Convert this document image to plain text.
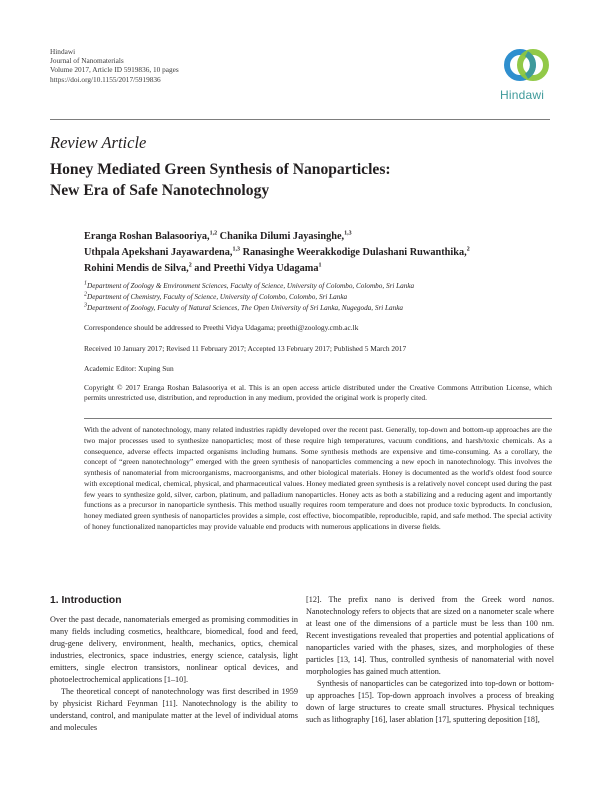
Hindawi
Journal of Nanomaterials
Volume 2017, Article ID 5919836, 10 pages
https://doi.org/10.1155/2017/5919836
Hindawi
Review Article
Honey Mediated Green Synthesis of Nanoparticles:
New Era of Safe Nanotechnology
Eranga Roshan Balasooriya,$^{1,2}$ Chanika Dilumi Jayasinghe,$^{1,3}$
Uthpala Apekshani Jayawardena,$^{1,3}$ Ranasinghe Weerakkodige Dulashani Ruwanthika,$^2$
Rohini Mendis de Silva,$^2$ and Preethi Vidya Udagama$^1$
$^1$Department of Zoology & Environment Sciences, Faculty of Science, University of Colombo, Colombo, Sri Lanka
$^2$Department of Chemistry, Faculty of Science, University of Colombo, Colombo, Sri Lanka
$^3$Department of Zoology, Faculty of Natural Sciences, The Open University of Sri Lanka, Nugegoda, Sri Lanka
Correspondence should be addressed to Preethi Vidya Udagama; preethi@zoology.cmb.ac.lk
Received 10 January 2017; Revised 11 February 2017; Accepted 13 February 2017; Published 5 March 2017
Academic Editor: Xuping Sun
Copyright © 2017 Eranga Roshan Balasooriya et al. This is an open access article distributed under the Creative Commons Attribution License, which permits unrestricted use, distribution, and reproduction in any medium, provided the original work is properly cited.
With the advent of nanotechnology, many related industries rapidly developed over the recent past. Generally, top-down and bottom-up approaches are the two major processes used to synthesize nanoparticles; most of these require high temperatures, vacuum conditions, and harsh/toxic chemicals. As a consequence, adverse effects impacted organisms including humans. Some synthesis methods are expensive and time-consuming. As a corollary, the concept of “green nanotechnology” emerged with the green synthesis of nanoparticles commencing a new epoch in nanotechnology. This involves the synthesis of nanomaterial from microorganisms, macroorganisms, and other biological materials. Honey is documented as the world's oldest food source with exceptional medical, chemical, physical, and pharmaceutical values. Honey mediated green synthesis is a relatively novel concept used during the past few years to synthesize gold, silver, carbon, platinum, and palladium nanoparticles. Honey acts as both a stabilizing and a reducing agent and importantly functions as a precursor in nanoparticle synthesis. This method usually requires room temperature and does not produce toxic byproducts. In conclusion, honey mediated green synthesis of nanoparticles provides a simple, cost effective, biocompatible, reproducible, rapid, and safe method. The special activity of honey functionalized nanoparticles may provide valuable end products with numerous applications in diverse fields.
1. Introduction

Over the past decade, nanomaterials emerged as promising commodities in many fields including cosmetics, healthcare, biomedical, food and feed, drug-gene delivery, environment, health, mechanics, optics, chemical industries, electronics, space industries, energy science, catalysis, light emitters, single electron transistors, nonlinear optical devices, and photoelectrochemical applications [1–10].

The theoretical concept of nanotechnology was first described in 1959 by physicist Richard Feynman [11]. Nanotechnology is the ability to understand, control, and manipulate matter at the level of individual atoms and molecules

[12]. The prefix nano is derived from the Greek word nanos. Nanotechnology refers to objects that are sized on a nanometer scale where at least one of the dimensions of a particle must be less than 100 nm. Recent investigations revealed that properties and potential applications of nanoparticles varied with the phases, sizes, and morphologies of these particles [13, 14]. Thus, controlled synthesis of nanomaterial with novel morphologies has gained much attention.

Synthesis of nanoparticles can be categorized into top-down or bottom-up approaches [15]. Top-down approach involves a process of breaking down of large structures to create small structures. Physical techniques such as lithography [16], laser ablation [17], sputtering deposition [18],
